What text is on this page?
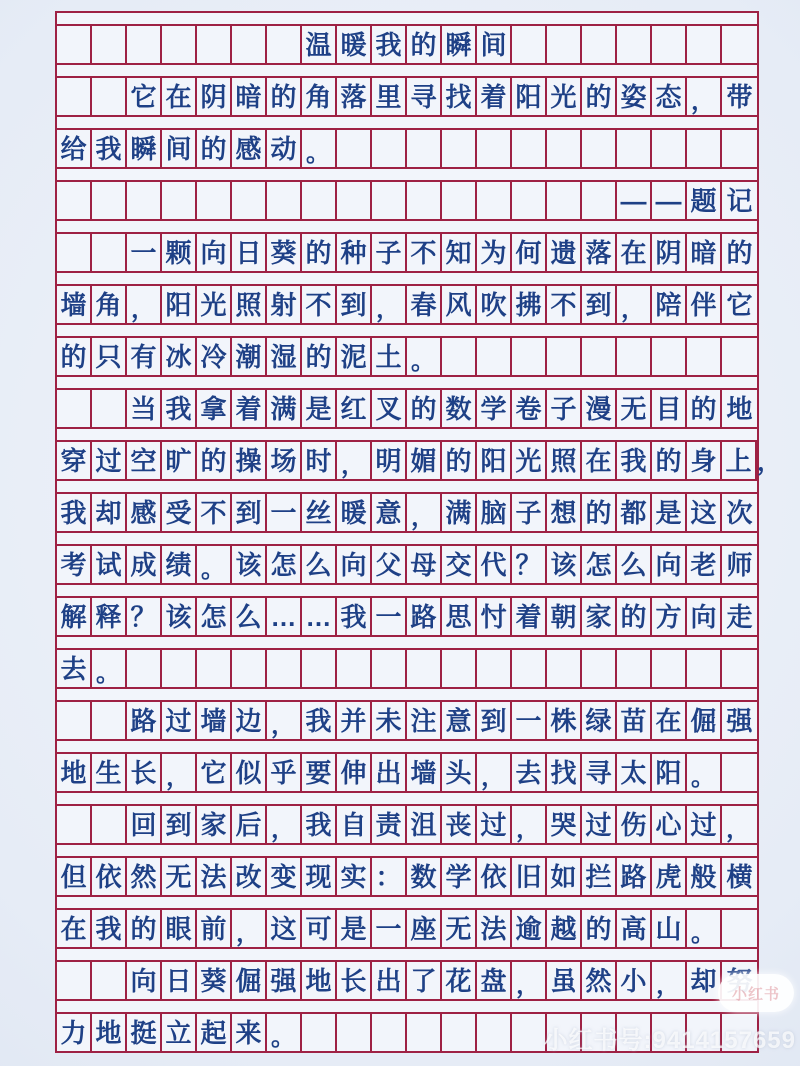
温 暖 我 的 瞬 间
它 在 阴 暗 的 角 落 里 寻 找 着 阳 光 的 姿 态 ， 带
给 我 瞬 间 的 感 动 。
— — 题 记
一 颗 向 日 葵 的 种 子 不 知 为 何 遗 落 在 阴 暗 的
墙 角 ， 阳 光 照 射 不 到 ， 春 风 吹 拂 不 到 ， 陪 伴 它
的 只 有 冰 冷 潮 湿 的 泥 土 。
当 我 拿 着 满 是 红 叉 的 数 学 卷 子 漫 无 目 的 地
穿 过 空 旷 的 操 场 时 ， 明 媚 的 阳 光 照 在 我 的 身 上 ，
我 却 感 受 不 到 一 丝 暖 意 ， 满 脑 子 想 的 都 是 这 次
考 试 成 绩 。 该 怎 么 向 父 母 交 代 ？ 该 怎 么 向 老 师
解 释 ？ 该 怎 么 … … 我 一 路 思 忖 着 朝 家 的 方 向 走
去 。
路 过 墙 边 ， 我 并 未 注 意 到 一 株 绿 苗 在 倔 强
地 生 长 ， 它 似 乎 要 伸 出 墙 头 ， 去 找 寻 太 阳 。
回 到 家 后 ， 我 自 责 沮 丧 过 ， 哭 过 伤 心 过 ，
但 依 然 无 法 改 变 现 实 ： 数 学 依 旧 如 拦 路 虎 般 横
在 我 的 眼 前 ， 这 可 是 一 座 无 法 逾 越 的 高 山 。
向 日 葵 倔 强 地 长 出 了 花 盘 ， 虽 然 小 ， 却
力 地 挺 立 起 来 。
小红书
小红书号:9414157659
